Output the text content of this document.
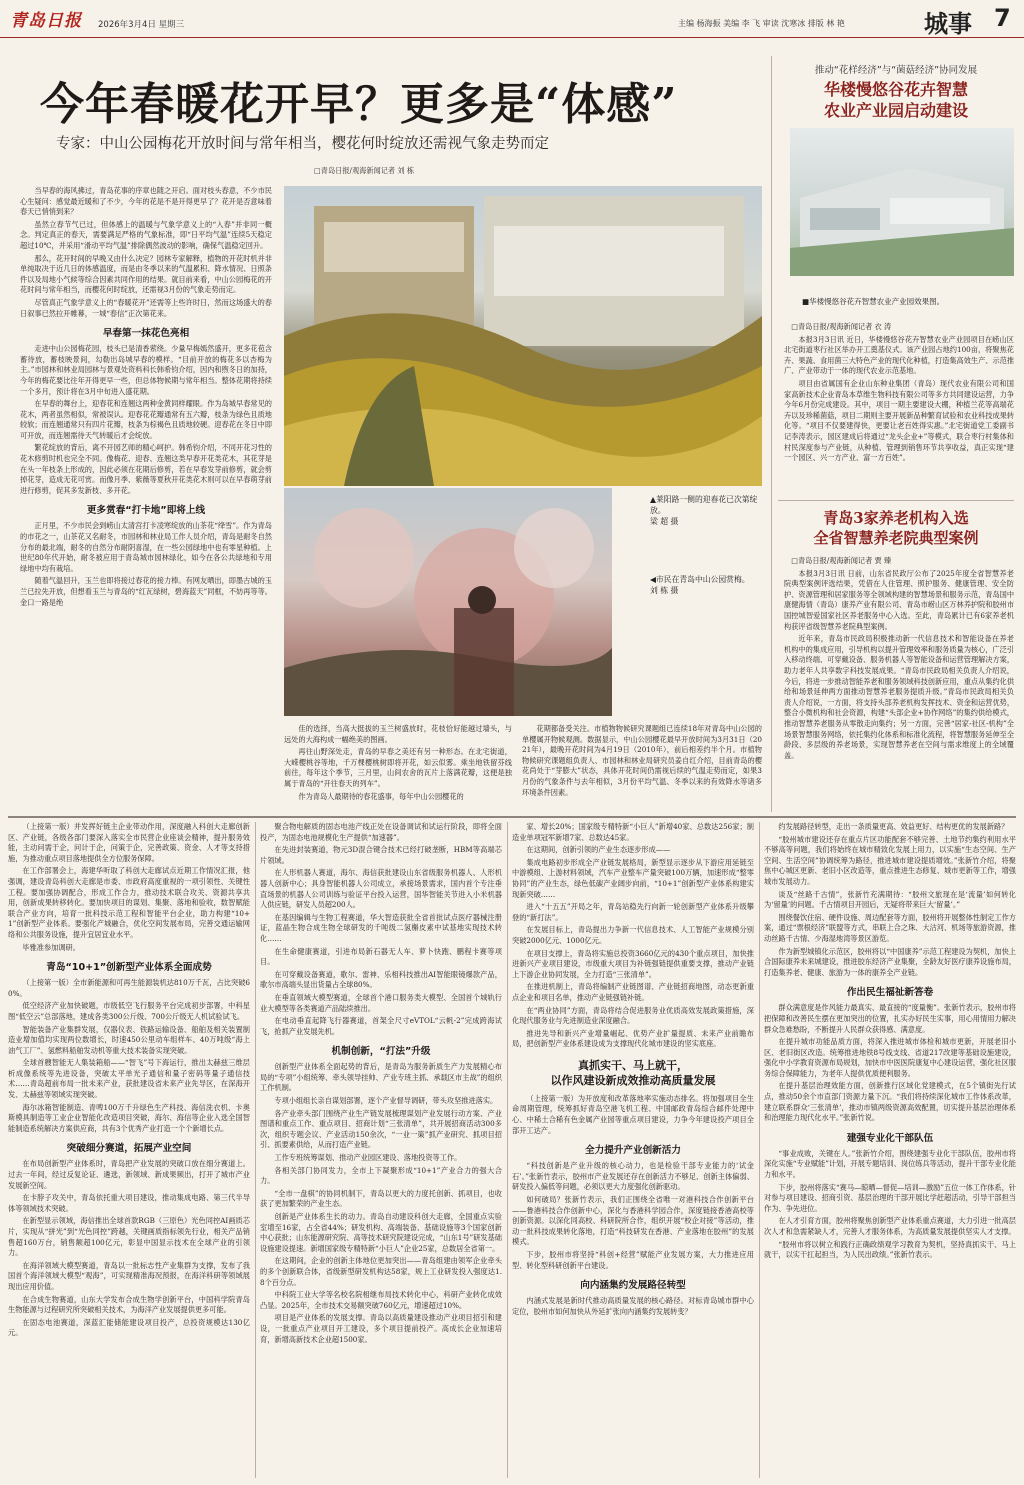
青岛日报 2026年3月4日 星期三	主编 杨海振 美编 李 飞 审读 沈寒冰 排版 林 艳	城事 7
今年春暖花开早？更多是“体感”
专家：中山公园梅花开放时间与常年相当，樱花何时绽放还需视气象走势而定
□青岛日报/观海新闻记者 刘 栋

当早春的海风拂过，青岛花事的序章也随之开启。面对枝头春意，不少市民心生疑问：感觉最近暖和了不少，今年的花是不是开得更早了？花开是否意味着春天已悄悄到来？

虽然立春节气已过，但体感上的温暖与气象学意义上的“入春”并非同一概念。判定真正的春天，需要满足严格的气象标准，即“日平均气温”连续5天稳定超过10℃，并采用“滑动平均气温”排除偶然波动的影响，确保气温稳定回升。

那么，花开时间的早晚又由什么决定？园林专家解释，植物的开花时机并非单纯取决于近几日的体感温度，而是由冬季以来的气温累积、降水情况、日照条件以及局地小气候等综合因素共同作用的结果。就目前来看，中山公园梅花的开花时间与常年相当，而樱花何时绽放，还需视3月份的气象走势而定。

尽管真正气象学意义上的“春暖花开”还需等上些许时日，然而这场盛大的春日叙事已然拉开帷幕，一城“春信”正次第花来。

早春第一抹花色亮相

走进中山公园梅花园，枝头已是清香萦绕。少量早梅嫣然盛开，更多花苞含蓄待放，蓄枝映景间，勾勒出岛城早春的模样。“目前开放的梅花多以杏梅为主。”市园林和林业局园林与景观处资料科长韩希钧介绍，因内和煦冬日的加持，今年的梅花要比往年开得更早一些，但总体物候期与常年相当。整体花期将持续一个多月，预计将在3月中旬进入盛花期。

在早春的舞台上，迎春花和连翘这两种金黄同样耀眼。作为岛城早春常见的花木，两者虽然相似，常被误认。迎春花花瓣通常有五六瓣，枝条为绿色且质地较软；而连翘通常只有四片花瓣，枝条为棕褐色且质地较硬。迎春花在冬日中即可开放，而连翘需待天气转暖后才会绽放。

繁花绽放的背后，离不开园艺师的精心呵护。韩希钧介绍，不同开花习性的花木修剪时机也完全不同。像梅花、迎春、连翘这类早春开花类花木，其花芽是在头一年枝条上形成的，因此必须在花期后修剪，若在早春发芽前修剪，就会剪掉花芽，造成无花可赏。而像月季、紫薇等夏秋开花类花木则可以在早春萌芽前进行修剪，促其多发新枝、多开花。

更多赏春“打卡地”即将上线

正月里，不少市民会到崂山太清宫打卡凌寒绽放的山茶花“绛雪”。作为青岛的市花之一，山茶花又名耐冬，市园林和林业局工作人员介绍，青岛是耐冬自然分布的最北端，耐冬的自然分布耐阴喜湿，在一些公园绿地中也有零星种植。上世纪80年代开始，耐冬被应用于青岛城市园林绿化，如今在各公共绿地和专用绿地中均有栽培。

随着气温回升，玉兰也即将接过春花的接力棒。有网友晒出，即墨古城的玉兰已拉先开放，但想看玉兰与青岛的“红瓦绿树，碧海蓝天”同框，不妨再等等。金口一路是绝

▲莱阳路一侧的迎春花已次第绽放。
梁 超 摄
◀市民在青岛中山公园赏梅。
刘 栋 摄

佳的选择，当高大挺拔的玉兰树盛放时，花枝恰好能越过墙头，与远处的大海构成一幅绝美的图画。

再往山野深处走，青岛的早春之美还有另一种形态。在北宅街道，大嵘樱桃谷等地，千万棵樱桃树即将开花，如云似雾。乘坐地铁留芬线前往，每年这个季节，三月里，山间农舍的瓦片上落满花瓣，这便是独属于青岛的“开往春天的列车”。

作为青岛人最期待的春花盛事，每年中山公园樱花的

花期都备受关注。市植物物候研究课题组已连续18年对青岛中山公园的单樱属开物候观测。数据显示，中山公园樱花最早开放时间为3月31日（2021年），最晚开花时间为4月19日（2010年），前后相差约半个月。市植物物候研究课题组负责人、市园林和林业局研究员姜自红介绍，目前青岛的樱花尚处于“芽膨大”状态，具体开花时间仍需视后续的气温走势而定，如果3月份的气象条件与去年相似，3月份平均气温、冬季以来的有效降水等诸多环境条件因素。

推动“花样经济”与“菌菇经济”协同发展
华楼慢悠谷花卉智慧
农业产业园启动建设
■华楼慢悠谷花卉智慧农业产业园效果图。

□青岛日报/观海新闻记者 衣 涛

本报3月3日讯 近日，华楼慢悠谷花卉智慧农业产业园项目在崂山区北宅街道枣行社区举办开工奠基仪式。该产业园占地约100亩，将聚焦花卉、果蔬、食用菌三大特色产业的现代化种植，打造集高效生产、示范推广、产业带动于一体的现代农业示范基地。

项目由省属国有企业山东种业集团（青岛）现代农业有限公司和国家高新技术企业青岛本草维生物科技有限公司等多方共同建设运营，力争今年6月份完成建设。其中，项目一期主要建设大棚，种植兰花等高端花卉以及珍稀菌菇，项目二期则主要开展新品种繁育试验和农业科技成果转化等。“项目不仅要建得快，更要让老百姓得实惠。”北宅街道党工委副书记李涛表示，园区建成后将通过“龙头企业+”等模式，联合枣行村集体和村民深度参与产业链，从种植、管理到销售环节共享收益，真正实现“建一个园区、兴一方产业、富一方百姓”。

青岛3家养老机构入选
全省智慧养老院典型案例

□青岛日报/观海新闻记者 贾 臻

本报3月3日讯 日前，山东省民政厅公布了2025年度全省智慧养老院典型案例评选结果，凭借在人住管理、照护服务、健康管理、安全防护、资源管理和居家服务等全领域构建的智慧场景和服务示范，青岛国中康健海情（青岛）康养产业有限公司、青岛市崂山区万林养护院和胶州市国控城智爱国家社区养老服务中心入选。至此，青岛累计已有6家养老机构获评省级智慧养老院典型案例。

近年来，青岛市民政局积极推动新一代信息技术和智能设备在养老机构中的集成应用，引导机构以提升管理效率和服务质量为核心，广泛引入移动终端、可穿戴设备、服务机器人等智能设备和运营管理解决方案，助力老年人共享数字科技发展成果。“青岛市民政局相关负责人介绍说，今后，将进一步推动智能养老和服务领域科技创新应用，重点从集约化供给和场景延伸两方面推动智慧养老服务提质升级。”青岛市民政局相关负责人介绍说，一方面，将支持头部养老机构发挥技术、资金和运营优势，整合小微机构和社会资源，构建“头部企业+协作网络”的集约供给模式，推动智慧养老服务从零散走向集约；另一方面，完善“居家-社区-机构”全场景智慧服务网络，依托集约化体系和标准化流程，将智慧服务延伸至全龄段、多层级的养老场景，实现智慧养老在空间与需求维度上的全域覆盖。

（上接第一版）并发挥好链主企业带动作用，深度融入科创大走廊创新区、产业链，各级各部门要深入落实全市民营企业座谈会精神，提升服务效能，主动问需于企，问计于企，问策于企，完善政策、资金、人才等支持措施，为推动重点项目落地提供全方位服务保障。

在工作部署会上，海建华听取了科创大走廊试点近期工作情况汇报，他强调，建设青岛科创大走廊是市委、市政府高度重视的一项引领性、关键性工程。要加强协调配合，形成工作合力，推动技术联合攻关、资源共享共用，创新成果转移转化。要加快项目的谋划、集聚、落地和验收，数智赋能联合产业方向，培育一批科技示范工程和智能平台企业，助力构建“10+1”创新型产业体系。要强化产城融合，优化空间发展布局，完善交通运输网络和公共服务设施，提升宜居宜业水平。

毕雅准参加调研。

青岛“10+1”创新型产业体系全面成势

（上接第一版）全市新能源和可再生能源装机达810万千瓦，占比突破60%。

低空经济产业加快破题，市级低空飞行服务平台完成初步部署，中科星图“低空云”总部落地，建成各类300公斤级、700公斤级无人机试验试飞。

智能装备产业集群发展，仅器仪表、铁路运输设备、船舶及相关装置制造业增加值均实现两位数增长，时速450公里动车组样车、40万吨级“海上油气工厂”、氢燃料船舶发动机等重大技术装备实现突破。

全球首艘智能无人集装箱船——“智飞”号下海运行，推出太赫兹三维层析成像系统等先进设备，突破太平单光子通信和量子密码等量子通信技术……青岛超前布局一批未来产业，获批建设省未来产业先导区，在深海开发、太赫兹等领域实现突破。

海尔冰箱智能制造、青啤100万千升绿色生产科技、海信洗衣机、卡奥斯模具制造等工业企业智能化改造项目突破，海尔、海信等企业入选全国智能制造系统解决方案供应商，共有3个优秀产业打造一个个新增长点。

突破细分赛道，拓展产业空间

在布局创新型产业体系时，青岛把产业发展的突破口放在细分赛道上。过去一年间，经过反复论证、遴选，新领域、新成果频出，打开了城市产业发展新空间。

在卡脖子攻关中，青岛依托重大项目建设，推动集成电路、第三代半导体等领域技术突破。

在新型显示领域，海信推出全球首款RGB（三原色）光色同控AI画质芯片，实现从“拼光”到“光色同控”跨越，关键画质指标领先行业，相关产品销售超160万台，销售额超100亿元，彰显中国显示技术在全球产业的引领力。

在海洋领域大模型赛道，青岛以一批标志性产业集群为支撑，发布了我国首个海洋领域大模型“观海”，可实现精准海况预报，在海洋科研等领域展现出应用价值。

在合成生物赛道，山东大学发布合成生物学创新平台，中国科学院青岛生物能源与过程研究所突破相关技术，为海洋产业发展提供更多可能。

在固态电池赛道，深蓝汇能储能建设项目投产，总投资规模达130亿元。

聚合物电解质的固态电池产线正处在设备调试和试运行阶段，即将全面投产，为固态电池规模化生产提供“加速器”。

在先进封装赛道，物元3D混合键合技术已经打破垄断，HBM等高端芯片领域。

在人形机器人赛道，海尔、海信获批建设山东省级服务机器人、人形机器人创新中心；具身智能机器人公司成立，承接场景需求，国内首个专注垂直场景的机器人公司训练与验证平台投入运营，国华智能关节进入小米机器人供应链，研发人员超200人。

在基因编辑与生物工程赛道，华大智造获批全省首批试点医疗器械注册证，蓝晶生物合成生物全球研发的千吨级二氢槲皮素中试基地实现技术转化……

在生命健康赛道，引进布局新石器无人车、萝卜快跑、鹏程卡赛等项目。

在可穿戴设备赛道，歌尔、雷神、乐相科技推出AI智能眼镜爆款产品，歌尔市高端头显出货量占全球80%。

在垂直领域大模型赛道，全球首个港口服务类大模型、全国首个城轨行业大模型等各类赛道产品陆续推出。

在电动垂直起降飞行器赛道，首架全尺寸eVTOL“云帆-2”完成跨海试飞，抢抓产业发展先机。

机制创新，“打法”升级

创新型产业体系全面起势的背后，是青岛为服务新质生产力发展精心布局的“专项”小组统筹、牵头领导挂帅、产业专班主抓、承载区市主战”的组织工作机制。

专项小组组长亲自谋划部署，逐个产业督导调研，带头攻坚推进落实。

各产业牵头部门围绕产业生产链发展梳理谋划产业发展行动方案、产业图谱和重点工作、重点项目、招商计划“三张清单”，共开展招商活动300多次，组织专题会议、产业活动150余次，“一业一策”抓产业研究、抓项目招引、抓要素供给，从而打造产业链。

工作专班统筹谋划、推动产业园区建设、落地投资等工作。

各相关部门协同发力，全市上下凝聚形成“10+1”产业合力的强大合力。

“全市一盘棋”的协同机制下，青岛以更大的力度托创新、抓项目，也收获了更加繁荣的产业生态。

创新是产业体系生长的动力。青岛自动建设科创大走廊，全国重点实验室增至16家，占全省44%；研发机构、高端装备、基础设施等3个国家创新中心获批；山东能源研究院、高等技术研究院建设完成，“山东1号”研发基础设施建设提速。新增国家级专精特新“小巨人”企业25家，总数居全省第一。

在这期间，企业的创新主体地位更加突出——青岛组建由领军企业牵头的多个创新联合体，省级新型研发机构达58家，规上工业研发投入强度达1.8个百分点。

中科院工业大学等名校名院相继布局技术转化中心，科研产业转化成效凸显。2025年，全市技术交易额突破760亿元，增速超过10%。

项目是产业体系的发展支撑。青岛以高质量建设推动产业项目招引和建设，一批重点产业项目开工建设，多个项目提前投产。高成长企业加速培育，新增高新技术企业超1500家。

家、增长20%；国家级专精特新“小巨人”新增40家、总数达256家；制造业单项冠军新增7家、总数达45家。

在这期间，创新引领的产业生态逐步形成——

集成电路初步形成全产业链发展格局，新型显示逐步从下游应用延链至中游模组、上游材料领域，汽车产业整车产量突破100万辆，加速形成“整零协同”的产业生态，绿色低碳产业阔步向前，“10+1”创新型产业体系构建实现新突破……

进入“十五五”开局之年，青岛站稳先行向新一轮创新型产业体系升级攀登的“新打法”。

在发展目标上，青岛提出力争新一代信息技术、人工智能产业规模分别突破2000亿元、1000亿元。

在项目支撑上，青岛将实施总投资3660亿元的430个重点项目，加快推进新兴产业项目建设，市级重大项目为补链强链提供重要支撑，推动产业链上下游企业协同发展，全力打造“三张清单”。

在推进机制上，青岛将编制产业链图谱、产业链招商地图，动态更新重点企业和项目名单，推动产业链强链补链。

在“两业协同”方面，青岛将结合促进服务业优质高效发展政策措施，深化现代服务业与先进制造业深度融合。

推进先导和新兴产业增量崛起、优势产业扩量提质、未来产业前瞻布局，把创新型产业体系建设成为支撑现代化城市建设的坚实底座。

真抓实干、马上就干，
以作风建设新成效推动高质量发展

（上接第一版）为开放度和改革落地率实施动态排名。将加强项目全生命周期管理，统筹抓好青岛空港飞机工程、中国邮政青岛综合邮件处理中心、中稀土合稀有色金属产业园等重点项目建设，力争今年建设投产项目全部开工达产。

全力提升产业创新活力

“科技创新是产业升级的核心动力，也是检验干部专业能力的‘试金石’。”张新竹表示，胶州市产业发展还存在创新活力不够足、创新主体偏弱、研发投入偏低等问题，必须以更大力度强化创新驱动。

如何破局？张新竹表示，我们正围绕全省唯一对港科技合作创新平台——鲁港科技合作创新中心，深化与香港科学园合作，深度链接香港高校等创新资源。以深化同高校、科研院所合作，组织开展“校企对接”等活动，推动一批科技成果转化落地，打造“科技研发在香港、产业落地在胶州”的发展模式。

下步，胶州市将坚持“科创+经营”赋能产业发展方案，大力推进应用型、转化型科研创新平台建设。

向内涵集约发展路径转型

内涵式发展是新时代推动高质量发展的核心路径。对标青岛城市群中心定位，胶州市如何加快从外延扩张向内涵集约发展转变？

约发展路径转型，走出一条质量更高、效益更好、结构更优的发展新路？

“胶州城市建设还存在重点片区功能配套不够完善、土地节约集约利用水平不够高等问题，我们将始终在城市精致化发展上用力，以实施“生态空间、生产空间、生活空间”协调统筹为路径，推进城市建设提质增效。”张新竹介绍，将聚焦中心城区更新、老旧小区改造等，重点推进生态修复、城市更新等工作，增强城市发展动力。

谈及“丝路千古情”，张新竹充满期待：“胶州文旅现在是‘流量’如何转化为‘留量’的问题。千古情项目开园后，无疑将带来巨大‘留量’。”

围绕餐饮住宿、硬件设施、周边配套等方面，胶州将开展整体性制定工作方案，通过“票根经济”联盟等方式，串联上合之珠、大沽河、机场等旅游资源，推动丝路千古情、少海湿地湾等景区游览。

作为新型城镇化示范区，胶州将以“中国康养”示范工程建设为契机，加快上合国际康养未来城建设，推进胶东经济产业集聚，全龄友好医疗康养设施布局，打造集养老、健康、旅游为一体的康养全产业链。

作出民生福祉新答卷

群众满意度是作风能力最真实、最直接的“度量衡”。张新竹表示，胶州市将把保障和改善民生摆在更加突出的位置，扎实办好民生实事，用心用情用力解决群众急难愁盼，不断提升人民群众获得感、满意度。

在提升城市功能品质方面，将深入推进城市体检和城市更新，开展老旧小区、老旧街区改造。统筹推进地铁8号线支线、省道217改建等基础设施建设，强化中小学教育资源布局规划，加快市中医医院康复中心建设运营，强化社区服务综合保障能力，为老年人提供优质便利服务。

在提升基层治理效能方面，创新推行区域化党建模式，在5个镇街先行试点，推动50余个市直部门资源力量下沉。“我们将持续深化城市工作体系改革，建立联系群众‘三张清单’，推动市镇两级资源高效配置，切实提升基层治理体系和治理能力现代化水平。”张新竹说。

建强专业化干部队伍

“事业成败，关键在人。”张新竹介绍，围绕建强专业化干部队伍，胶州市将深化实施“专业赋能”计划，开展专题培训、岗位练兵等活动，提升干部专业化能力和水平。

下步，胶州将落实“赛马—晾晒—督促—培训—激励”五位一体工作体系，针对参与项目建设、招商引资、基层治理的干部开展比学赶超活动，引导干部担当作为、争先进位。

在人才引育方面，胶州将聚焦创新型产业体系重点赛道，大力引进一批高层次人才和急需紧缺人才，完善人才服务体系，为高质量发展提供坚实人才支撑。

“胶州市将以树立和践行正确政绩观学习教育为契机，坚持真抓实干、马上就干，以实干扛起担当，为人民出政绩。”张新竹表示。
